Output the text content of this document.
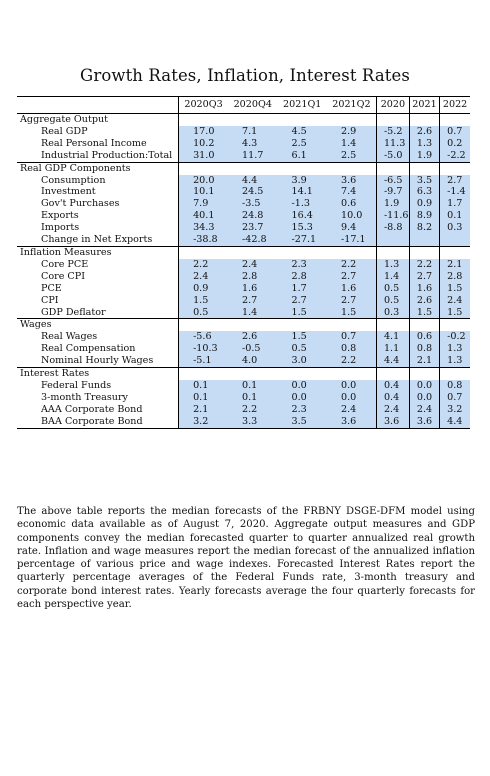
Growth Rates, Inflation, Interest Rates
	2020Q3	2020Q4	2021Q1	2021Q2	2020	2021	2022
Aggregate Output							
Real GDP	17.0	7.1	4.5	2.9	-5.2	2.6	0.7
Real Personal Income	10.2	4.3	2.5	1.4	11.3	1.3	0.2
Industrial Production:Total	31.0	11.7	6.1	2.5	-5.0	1.9	-2.2
Real GDP Components							
Consumption	20.0	4.4	3.9	3.6	-6.5	3.5	2.7
Investment	10.1	24.5	14.1	7.4	-9.7	6.3	-1.4
Gov't Purchases	7.9	-3.5	-1.3	0.6	1.9	0.9	1.7
Exports	40.1	24.8	16.4	10.0	-11.6	8.9	0.1
Imports	34.3	23.7	15.3	9.4	-8.8	8.2	0.3
Change in Net Exports	-38.8	-42.8	-27.1	-17.1			
Inflation Measures							
Core PCE	2.2	2.4	2.3	2.2	1.3	2.2	2.1
Core CPI	2.4	2.8	2.8	2.7	1.4	2.7	2.8
PCE	0.9	1.6	1.7	1.6	0.5	1.6	1.5
CPI	1.5	2.7	2.7	2.7	0.5	2.6	2.4
GDP Deflator	0.5	1.4	1.5	1.5	0.3	1.5	1.5
Wages							
Real Wages	-5.6	2.6	1.5	0.7	4.1	0.6	-0.2
Real Compensation	-10.3	-0.5	0.5	0.8	1.1	0.8	1.3
Nominal Hourly Wages	-5.1	4.0	3.0	2.2	4.4	2.1	1.3
Interest Rates							
Federal Funds	0.1	0.1	0.0	0.0	0.4	0.0	0.8
3-month Treasury	0.1	0.1	0.0	0.0	0.4	0.0	0.7
AAA Corporate Bond	2.1	2.2	2.3	2.4	2.4	2.4	3.2
BAA Corporate Bond	3.2	3.3	3.5	3.6	3.6	3.6	4.4
The above table reports the median forecasts of the FRBNY DSGE-DFM model using economic data available as of August 7, 2020. Aggregate output measures and GDP components convey the median forecasted quarter to quarter annualized real growth rate. Inflation and wage measures report the median forecast of the annualized inflation percentage of various price and wage indexes. Forecasted Interest Rates report the quarterly percentage averages of the Federal Funds rate, 3-month treasury and corporate bond interest rates. Yearly forecasts average the four quarterly forecasts for each perspective year.
